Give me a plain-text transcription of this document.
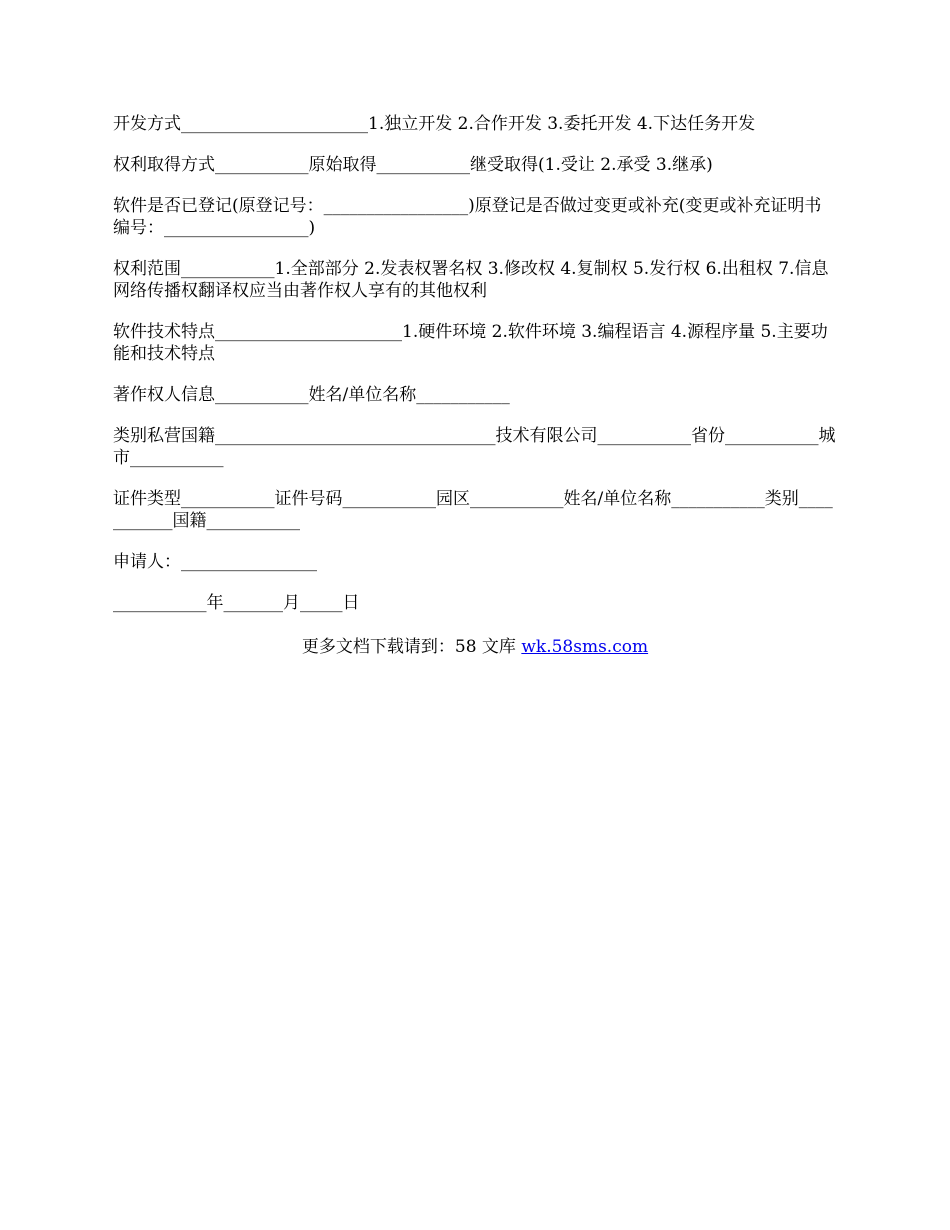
开发方式______________________1.独立开发 2.合作开发 3.委托开发 4.下达任务开发

权利取得方式___________原始取得___________继受取得(1.受让 2.承受 3.继承)

软件是否已登记(原登记号：_________________)原登记是否做过变更或补充(变更或补充证明书编号：_________________)

权利范围___________1.全部部分 2.发表权署名权 3.修改权 4.复制权 5.发行权 6.出租权 7.信息网络传播权翻译权应当由著作权人享有的其他权利

软件技术特点______________________1.硬件环境 2.软件环境 3.编程语言 4.源程序量 5.主要功能和技术特点

著作权人信息___________姓名/单位名称___________

类别私营国籍_________________________________技术有限公司___________省份___________城市___________

证件类型___________证件号码___________园区___________姓名/单位名称___________类别___________国籍___________

申请人：________________

___________年_______月_____日

更多文档下载请到：58 文库 wk.58sms.com
